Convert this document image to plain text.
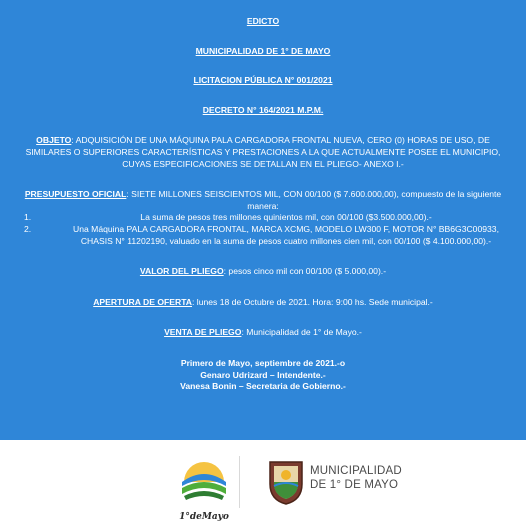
EDICTO

MUNICIPALIDAD DE 1° DE MAYO

LICITACION PÚBLICA N° 001/2021

DECRETO N° 164/2021 M.P.M.

OBJETO: ADQUISICIÓN DE UNA MÁQUINA PALA CARGADORA FRONTAL NUEVA, CERO (0) HORAS DE USO, DE SIMILARES O SUPERIORES CARACTERÍSTICAS Y PRESTACIONES A LA QUE ACTUALMENTE POSEE EL MUNICIPIO, CUYAS ESPECIFICACIONES SE DETALLAN EN EL PLIEGO- ANEXO I.-

PRESUPUESTO OFICIAL: SIETE MILLONES SEISCIENTOS MIL, CON 00/100 ($ 7.600.000,00), compuesto de la siguiente manera:

1.	La suma de pesos tres millones quinientos mil, con 00/100 ($3.500.000,00).-
2.	Una Máquina PALA CARGADORA FRONTAL, MARCA XCMG, MODELO LW300 F, MOTOR N° BB6G3C00933, CHASIS N° 11202190, valuado en la suma de pesos cuatro millones cien mil, con 00/100 ($ 4.100.000,00).-

VALOR DEL PLIEGO: pesos cinco mil con 00/100 ($ 5.000,00).-

APERTURA DE OFERTA: lunes 18 de Octubre de 2021. Hora: 9:00 hs. Sede municipal.-

VENTA DE PLIEGO: Municipalidad de 1° de Mayo.-

Primero de Mayo, septiembre de 2021.-o

Genaro Udrizard – Intendente.-

Vanesa Bonin – Secretaria de Gobierno.-

1°deMayo
MUNICIPALIDAD
DE 1° DE MAYO
